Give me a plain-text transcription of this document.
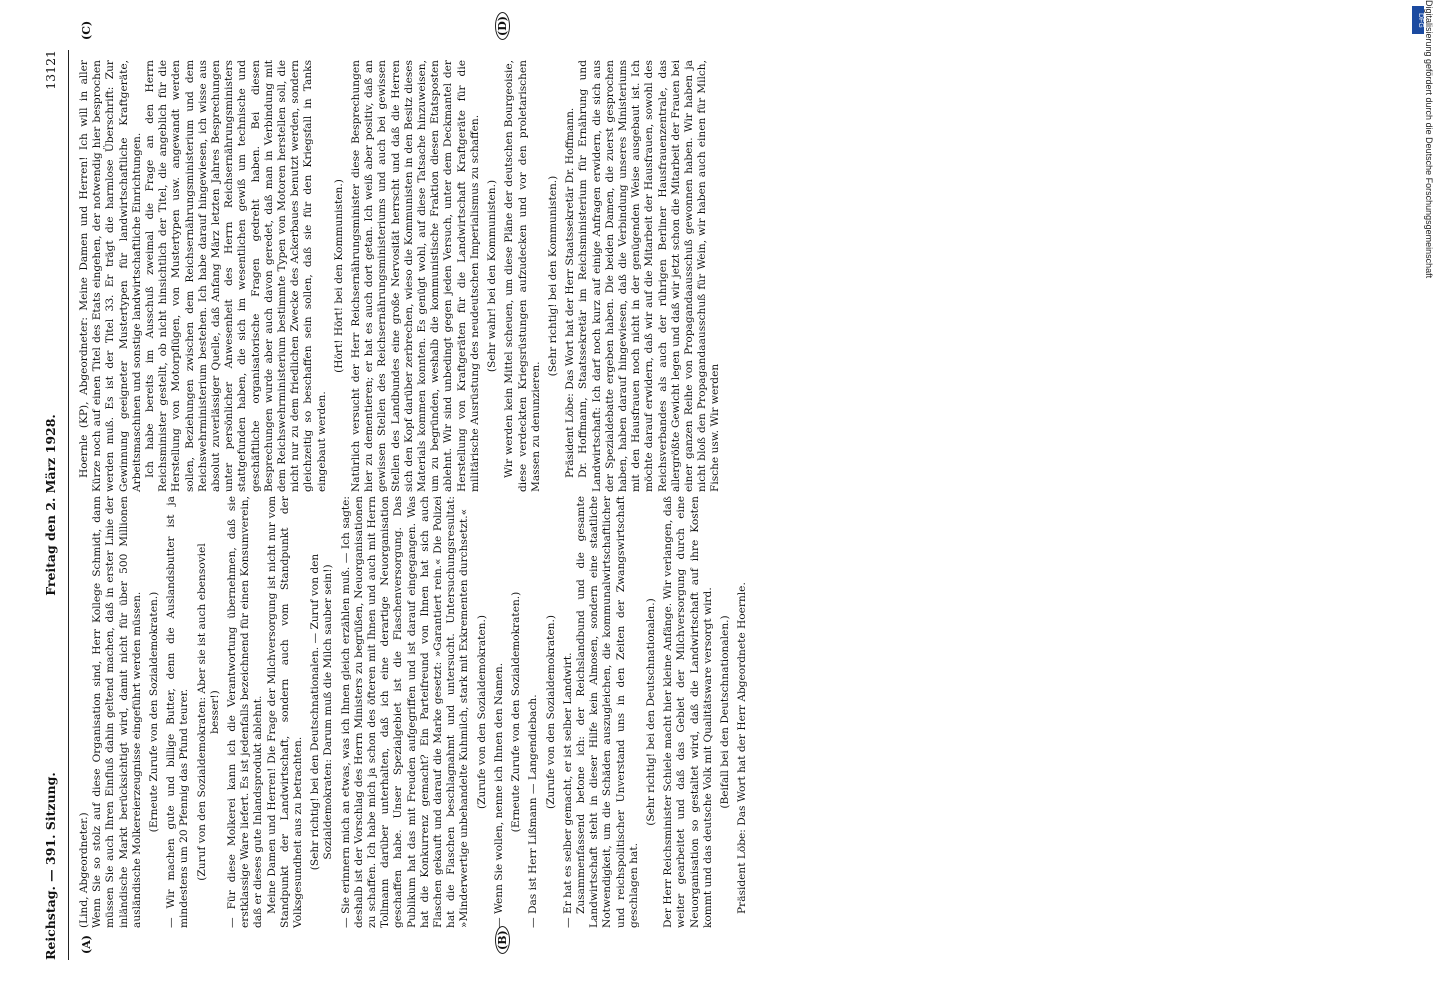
Reichstag. — 391. Sitzung.
Freitag den 2. März 1928.
13121
(A)	(B)
(C)	(D)

(Lind, Abgeordneter.) Wenn Sie so stolz auf diese Organisation sind, Herr Kollege Schmidt, dann müssen Sie auch Ihren Einfluß dahin geltend machen, daß in erster Linie der inländische Markt berücksichtigt wird, damit nicht für über 500 Millionen ausländische Molkereierzeugnisse eingeführt werden müssen. (Erneute Zurufe von den Sozialdemokraten.) — Wir machen gute und billige Butter, denn die Auslandsbutter ist ja mindestens um 20 Pfennig das Pfund teurer. (Zuruf von den Sozialdemokraten: Aber sie ist auch ebensoviel besser!) — Für diese Molkerei kann ich die Verantwortung übernehmen, daß sie erstklassige Ware liefert. Es ist jedenfalls bezeichnend für einen Konsumverein, daß er dieses gute Inlandsprodukt ablehnt. Meine Damen und Herren! Die Frage der Milchversorgung ist nicht nur vom Standpunkt der Landwirtschaft, sondern auch vom Standpunkt der Volksgesundheit aus zu betrachten. (Sehr richtig! bei den Deutschnationalen. — Zuruf von den Sozialdemokraten: Darum muß die Milch sauber sein!) — Sie erinnern mich an etwas, was ich Ihnen gleich erzählen muß. — Ich sagte: deshalb ist der Vorschlag des Herrn Ministers zu begrüßen, Neuorganisationen zu schaffen. Ich habe mich ja schon des öfteren mit Ihnen und auch mit Herrn Tollmann darüber unterhalten, daß ich eine derartige Neuorganisation geschaffen habe. Unser Spezialgebiet ist die Flaschenversorgung. Das Publikum hat das mit Freuden aufgegriffen und ist darauf eingegangen. Was hat die Konkurrenz gemacht? Ein Parteifreund von Ihnen hat sich auch Flaschen gekauft und darauf die Marke gesetzt: »Garantiert rein.« Die Polizei hat die Flaschen beschlagnahmt und untersucht. Untersuchungsresultat: »Minderwertige unbehandelte Kuhmilch, stark mit Exkrementen durchsetzt.« (Zurufe von den Sozialdemokraten.) — Wenn Sie wollen, nenne ich Ihnen den Namen. (Erneute Zurufe von den Sozialdemokraten.) — Das ist Herr Lißmann — Langendiebach. (Zurufe von den Sozialdemokraten.) — Er hat es selber gemacht, er ist selber Landwirt. Zusammenfassend betone ich: der Reichslandbund und die gesamte Landwirtschaft steht in dieser Hilfe kein Almosen, sondern eine staatliche Notwendigkeit, um die Schäden auszugleichen, die kommunalwirtschaftlicher und reichspolitischer Unverstand uns in den Zeiten der Zwangswirtschaft geschlagen hat.

(Sehr richtig! bei den Deutschnationalen.) Der Herr Reichsminister Schiele macht hier kleine Anfänge. Wir verlangen, daß weiter gearbeitet und daß das Gebiet der Milchversorgung durch eine Neuorganisation so gestaltet wird, daß die Landwirtschaft auf ihre Kosten kommt und das deutsche Volk mit Qualitätsware versorgt wird. (Beifall bei den Deutschnationalen.) Präsident Löbe: Das Wort hat der Herr Abgeordnete Hoernle.

Hoernle (KP), Abgeordneter: Meine Damen und Herren! Ich will in aller Kürze noch auf einen Titel des Etats eingehen, der notwendig hier besprochen werden muß. Es ist der Titel 33. Er trägt die harmlose Überschrift: Zur Gewinnung geeigneter Mustertypen für landwirtschaftliche Kraftgeräte, Arbeitsmaschinen und sonstige landwirtschaftliche Einrichtungen. Ich habe bereits im Ausschuß zweimal die Frage an den Herrn Reichsminister gestellt, ob nicht hinsichtlich der Titel, die angeblich für die Herstellung von Motorpflügen, von Mustertypen usw. angewandt werden sollen, Beziehungen zwischen dem Reichsernährungsministerium und dem Reichswehrministerium bestehen. Ich habe darauf hingewiesen, ich wisse aus absolut zuverlässiger Quelle, daß Anfang März letzten Jahres Besprechungen unter persönlicher Anwesenheit des Herrn Reichsernährungsministers stattgefunden haben, die sich im wesentlichen gewiß um technische und geschäftliche organisatorische Fragen gedreht haben. Bei diesen Besprechungen wurde aber auch davon geredet, daß man in Verbindung mit dem Reichswehrministerium bestimmte Typen von Motoren herstellen soll, die nicht nur zu dem friedlichen Zwecke des Ackerbaues benutzt werden, sondern gleichzeitig so beschaffen sein sollen, daß sie für den Kriegsfall in Tanks eingebaut werden.

(Hört! Hört! bei den Kommunisten.) Natürlich versucht der Herr Reichsernährungsminister diese Besprechungen hier zu dementieren; er hat es auch dort getan. Ich weiß aber positiv, daß an gewissen Stellen des Reichsernährungsministeriums und auch bei gewissen Stellen des Landbundes eine große Nervosität herrscht und daß die Herren sich den Kopf darüber zerbrechen, wieso die Kommunisten in den Besitz dieses Materials kommen konnten. Es genügt wohl, auf diese Tatsache hinzuweisen, um zu begründen, weshalb die kommunistische Fraktion diesen Etatsposten ablehnt. Wir sind unbedingt gegen jeden Versuch, unter dem Deckmantel der Herstellung von Kraftgeräten für die Landwirtschaft Kraftgeräte für die militärische Ausrüstung des neudeutschen Imperialismus zu schaffen. (Sehr wahr! bei den Kommunisten.) Wir werden kein Mittel scheuen, um diese Pläne der deutschen Bourgeoisie, diese verdeckten Kriegsrüstungen aufzudecken und vor den proletarischen Massen zu denunzieren.

(Sehr richtig! bei den Kommunisten.) Präsident Löbe: Das Wort hat der Herr Staatssekretär Dr. Hoffmann. Dr. Hoffmann, Staatssekretär im Reichsministerium für Ernährung und Landwirtschaft: Ich darf noch kurz auf einige Anfragen erwidern, die sich aus der Spezialdebatte ergeben haben. Die beiden Damen, die zuerst gesprochen haben, haben darauf hingewiesen, daß die Verbindung unseres Ministeriums mit den Hausfrauen noch nicht in der genügenden Weise ausgebaut ist. Ich möchte darauf erwidern, daß wir auf die Mitarbeit der Hausfrauen, sowohl des Reichsverbandes als auch der rührigen Berliner Hausfrauenzentrale, das allergrößte Gewicht legen und daß wir jetzt schon die Mitarbeit der Frauen bei einer ganzen Reihe von Propagandaausschuß gewonnen haben. Wir haben ja nicht bloß den Propagandaausschuß für Wein, wir haben auch einen für Milch, Fische usw. Wir werden

DFG Digitalisierung gefördert durch die Deutsche Forschungsgemeinschaft
